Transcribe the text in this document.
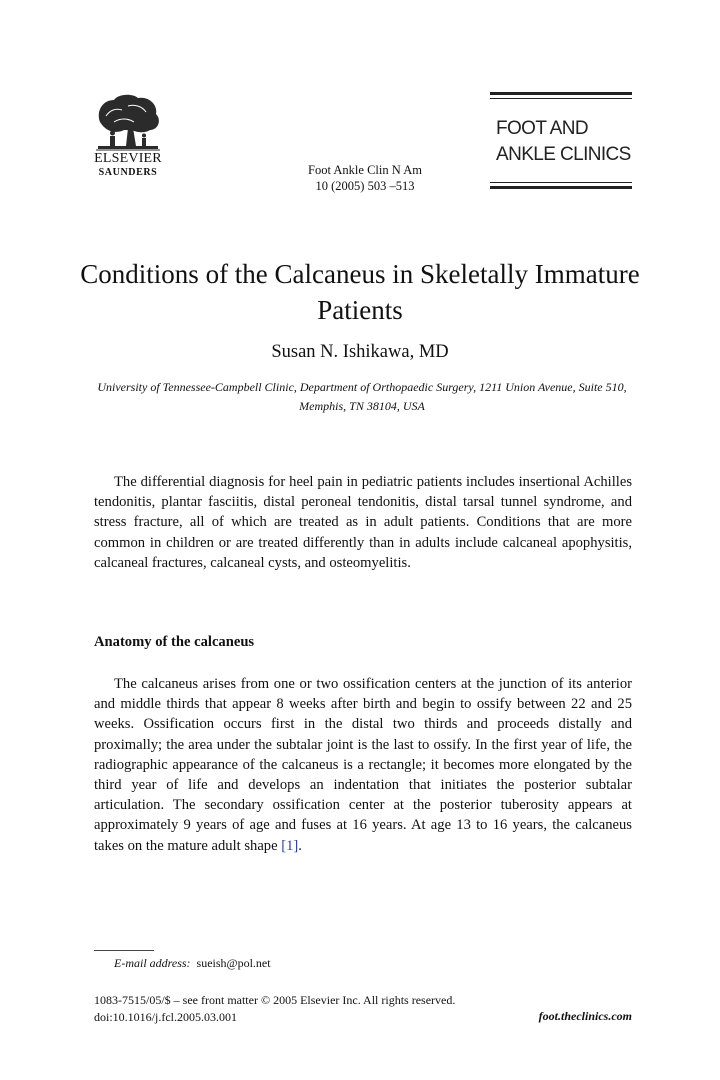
ELSEVIER
SAUNDERS	Foot Ankle Clin N Am
10 (2005) 503 –513
FOOT AND
ANKLE CLINICS
Conditions of the Calcaneus in Skeletally Immature Patients
Susan N. Ishikawa, MD
University of Tennessee-Campbell Clinic, Department of Orthopaedic Surgery, 1211 Union Avenue, Suite 510, Memphis, TN 38104, USA
The differential diagnosis for heel pain in pediatric patients includes insertional Achilles tendonitis, plantar fasciitis, distal peroneal tendonitis, distal tarsal tunnel syndrome, and stress fracture, all of which are treated as in adult patients. Conditions that are more common in children or are treated differently than in adults include calcaneal apophysitis, calcaneal fractures, calcaneal cysts, and osteomyelitis.
Anatomy of the calcaneus
The calcaneus arises from one or two ossification centers at the junction of its anterior and middle thirds that appear 8 weeks after birth and begin to ossify between 22 and 25 weeks. Ossification occurs first in the distal two thirds and proceeds distally and proximally; the area under the subtalar joint is the last to ossify. In the first year of life, the radiographic appearance of the calcaneus is a rectangle; it becomes more elongated by the third year of life and develops an indentation that initiates the posterior subtalar articulation. The secondary ossification center at the posterior tuberosity appears at approximately 9 years of age and fuses at 16 years. At age 13 to 16 years, the calcaneus takes on the mature adult shape [1].
E-mail address: sueish@pol.net
1083-7515/05/$ – see front matter © 2005 Elsevier Inc. All rights reserved.
doi:10.1016/j.fcl.2005.03.001	foot.theclinics.com
